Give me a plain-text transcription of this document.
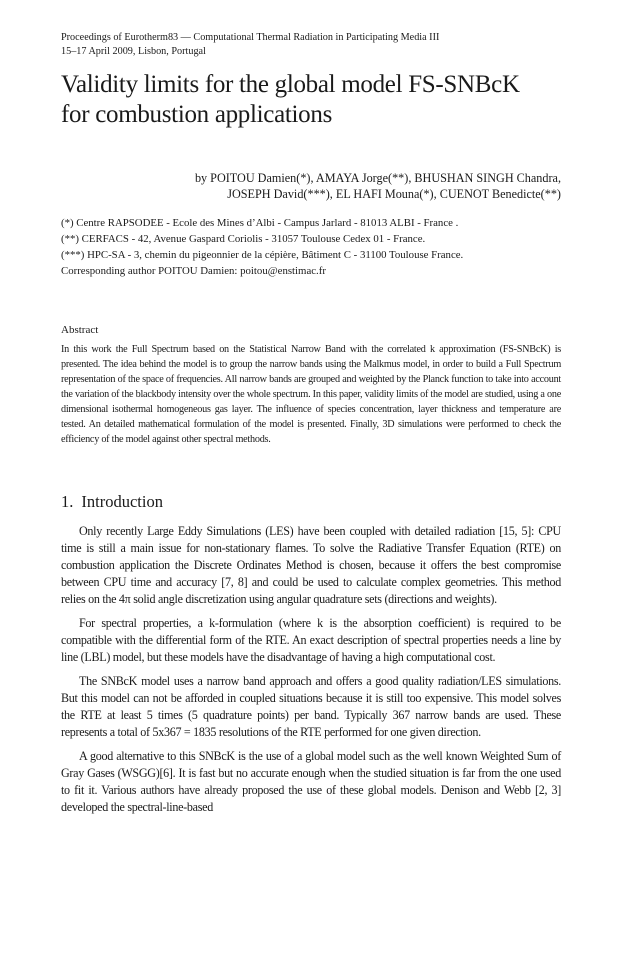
Proceedings of Eurotherm83 — Computational Thermal Radiation in Participating Media III
15–17 April 2009, Lisbon, Portugal
Validity limits for the global model FS-SNBcK
for combustion applications
by POITOU Damien(*), AMAYA Jorge(**), BHUSHAN SINGH Chandra,
JOSEPH David(***), EL HAFI Mouna(*), CUENOT Benedicte(**)
(*) Centre RAPSODEE - Ecole des Mines d’Albi - Campus Jarlard - 81013 ALBI - France .
(**) CERFACS - 42, Avenue Gaspard Coriolis - 31057 Toulouse Cedex 01 - France.
(***) HPC-SA - 3, chemin du pigeonnier de la cépière, Bâtiment C - 31100 Toulouse France.
Corresponding author POITOU Damien: poitou@enstimac.fr
Abstract
In this work the Full Spectrum based on the Statistical Narrow Band with the correlated k approximation (FS-SNBcK) is presented. The idea behind the model is to group the narrow bands using the Malkmus model, in order to build a Full Spectrum representation of the space of frequencies. All narrow bands are grouped and weighted by the Planck function to take into account the variation of the blackbody intensity over the whole spectrum. In this paper, validity limits of the model are studied, using a one dimensional isothermal homogeneous gas layer. The influence of species concentration, layer thickness and temperature are tested. An detailed mathematical formulation of the model is presented. Finally, 3D simulations were performed to check the efficiency of the model against other spectral methods.
1. Introduction

Only recently Large Eddy Simulations (LES) have been coupled with detailed radiation [15, 5]: CPU time is still a main issue for non-stationary flames. To solve the Radiative Transfer Equation (RTE) on combustion application the Discrete Ordinates Method is chosen, because it offers the best compromise between CPU time and accuracy [7, 8] and could be used to calculate complex geometries. This method relies on the 4π solid angle discretization using angular quadrature sets (directions and weights).

For spectral properties, a k-formulation (where k is the absorption coefficient) is required to be compatible with the differential form of the RTE. An exact description of spectral properties needs a line by line (LBL) model, but these models have the disadvantage of having a high computational cost.

The SNBcK model uses a narrow band approach and offers a good quality radiation/LES simulations. But this model can not be afforded in coupled situations because it is still too expensive. This model solves the RTE at least 5 times (5 quadrature points) per band. Typically 367 narrow bands are used. These represents a total of 5x367 = 1835 resolutions of the RTE performed for one given direction.

A good alternative to this SNBcK is the use of a global model such as the well known Weighted Sum of Gray Gases (WSGG)[6]. It is fast but no accurate enough when the studied situation is far from the one used to fit it. Various authors have already proposed the use of these global models. Denison and Webb [2, 3] developed the spectral-line-based
